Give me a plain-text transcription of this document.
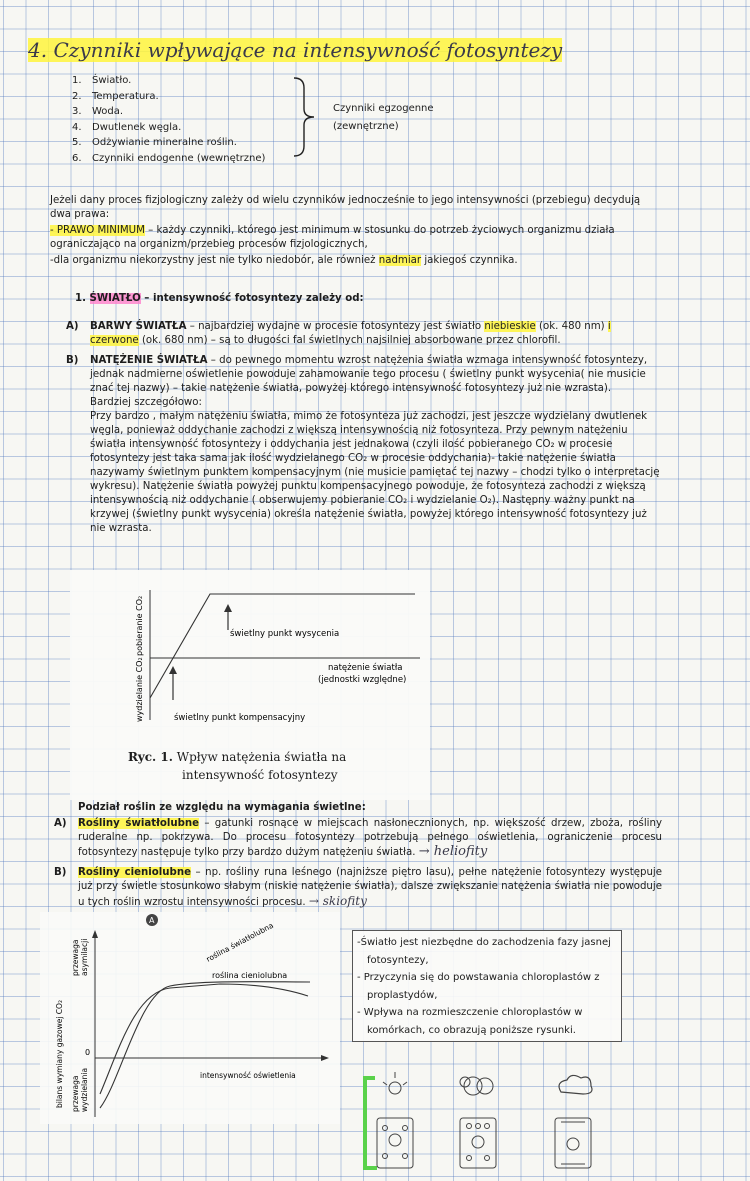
4. Czynniki wpływające na intensywność fotosyntezy
1.	Światło.
2.	Temperatura.
3.	Woda.
4.	Dwutlenek węgla.
5.	Odżywianie mineralne roślin.
6.	Czynniki endogenne (wewnętrzne)
Czynniki egzogenne
(zewnętrzne)
Jeżeli dany proces fizjologiczny zależy od wielu czynników jednocześnie to jego intensywności (przebiegu) decydują dwa prawa:
- PRAWO MINIMUM – każdy czynniki, którego jest minimum w stosunku do potrzeb życiowych organizmu działa ograniczająco na organizm/przebieg procesów fizjologicznych,
-dla organizmu niekorzystny jest nie tylko niedobór, ale również nadmiar jakiegoś czynnika.
1. ŚWIATŁO – intensywność fotosyntezy zależy od:
A)	BARWY ŚWIATŁA – najbardziej wydajne w procesie fotosyntezy jest światło niebieskie (ok. 480 nm) i czerwone (ok. 680 nm) – są to długości fal świetlnych najsilniej absorbowane przez chlorofil.
B)	NATĘŻENIE ŚWIATŁA – do pewnego momentu wzrost natężenia światła wzmaga intensywność fotosyntezy, jednak nadmierne oświetlenie powoduje zahamowanie tego procesu ( świetlny punkt wysycenia( nie musicie znać tej nazwy) – takie natężenie światła, powyżej którego intensywność fotosyntezy już nie wzrasta).
Bardziej szczegółowo:
Przy bardzo , małym natężeniu światła, mimo że fotosynteza już zachodzi, jest jeszcze wydzielany dwutlenek węgla, ponieważ oddychanie zachodzi z większą intensywnością niż fotosynteza. Przy pewnym natężeniu światła intensywność fotosyntezy i oddychania jest jednakowa (czyli ilość pobieranego CO₂ w procesie fotosyntezy jest taka sama jak ilość wydzielanego CO₂ w procesie oddychania)- takie natężenie światła nazywamy świetlnym punktem kompensacyjnym (nie musicie pamiętać tej nazwy – chodzi tylko o interpretację wykresu). Natężenie światła powyżej punktu kompensacyjnego powoduje, że fotosynteza zachodzi z większą intensywnością niż oddychanie ( obserwujemy pobieranie CO₂ i wydzielanie O₂). Następny ważny punkt na krzywej (świetlny punkt wysycenia) określa natężenie światła, powyżej którego intensywność fotosyntezy już nie wzrasta.
pobieranie CO₂
wydzielanie CO₂
świetlny punkt wysycenia
natężenie światła
(jednostki względne)
świetlny punkt kompensacyjny
Ryc. 1. Wpływ natężenia światła na
intensywność fotosyntezy
Podział roślin ze względu na wymagania świetlne:
A)	Rośliny światłolubne – gatunki rosnące w miejscach nasłonecznionych, np. większość drzew, zboża, rośliny ruderalne np. pokrzywa. Do procesu fotosyntezy potrzebują pełnego oświetlenia, ograniczenie procesu fotosyntezy następuje tylko przy bardzo dużym natężeniu światła. → heliofity
B)	Rośliny cieniolubne – np. rośliny runa leśnego (najniższe piętro lasu), pełne natężenie fotosyntezy występuje już przy świetle stosunkowo słabym (niskie natężenie światła), dalsze zwiększanie natężenia światła nie powoduje u tych roślin wzrostu intensywności procesu. → skiofity
A
0
roślina światłolubna
roślina cieniolubna
intensywność oświetlenia
bilans wymiany gazowej CO₂
przewaga asymilacji
przewaga wydzielania
-Światło jest niezbędne do zachodzenia fazy jasnej fotosyntezy,
- Przyczynia się do powstawania chloroplastów z proplastydów,
- Wpływa na rozmieszczenie chloroplastów w komórkach, co obrazują poniższe rysunki.
